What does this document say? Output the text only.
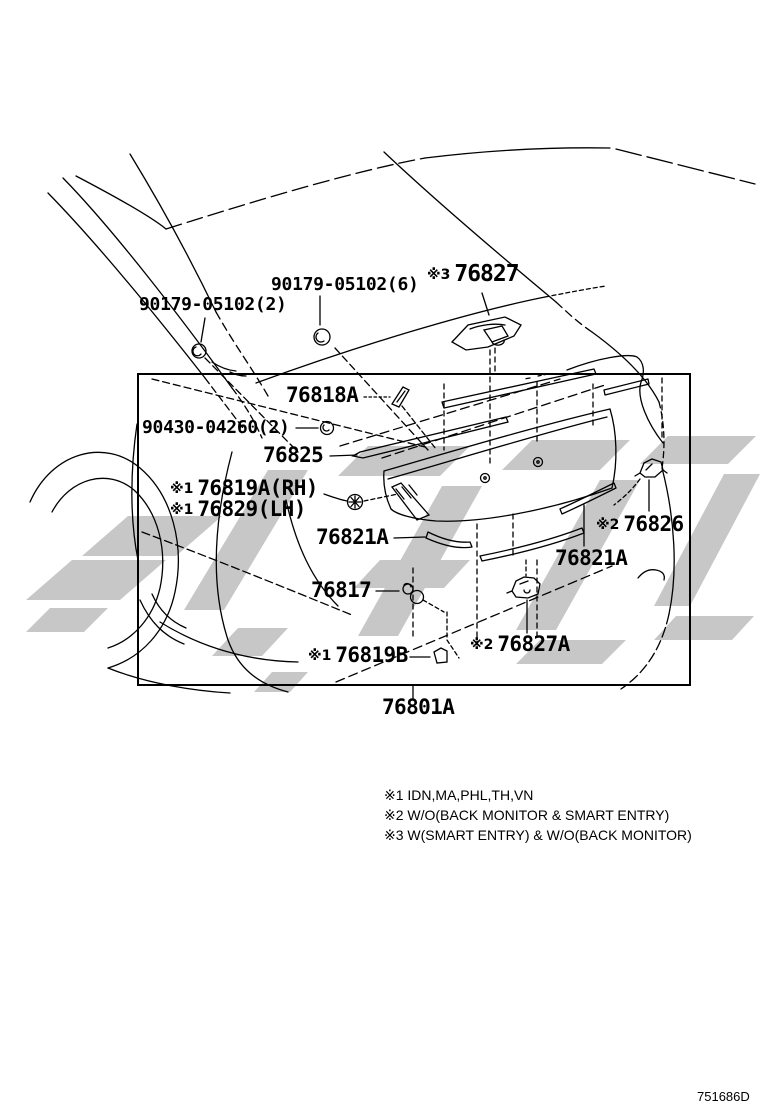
90179-05102(2)
90179-05102(6) ※3 76827
76818A
90430-04260(2)
76825
※1 76819A(RH)
※1 76829(LH)
76821A	※2 76826
76821A
76817
※2 76827A
※1 76819B
76801A
※1 IDN,MA,PHL,TH,VN
※2 W/O(BACK MONITOR & SMART ENTRY)
※3 W(SMART ENTRY) & W/O(BACK MONITOR)
751686D
